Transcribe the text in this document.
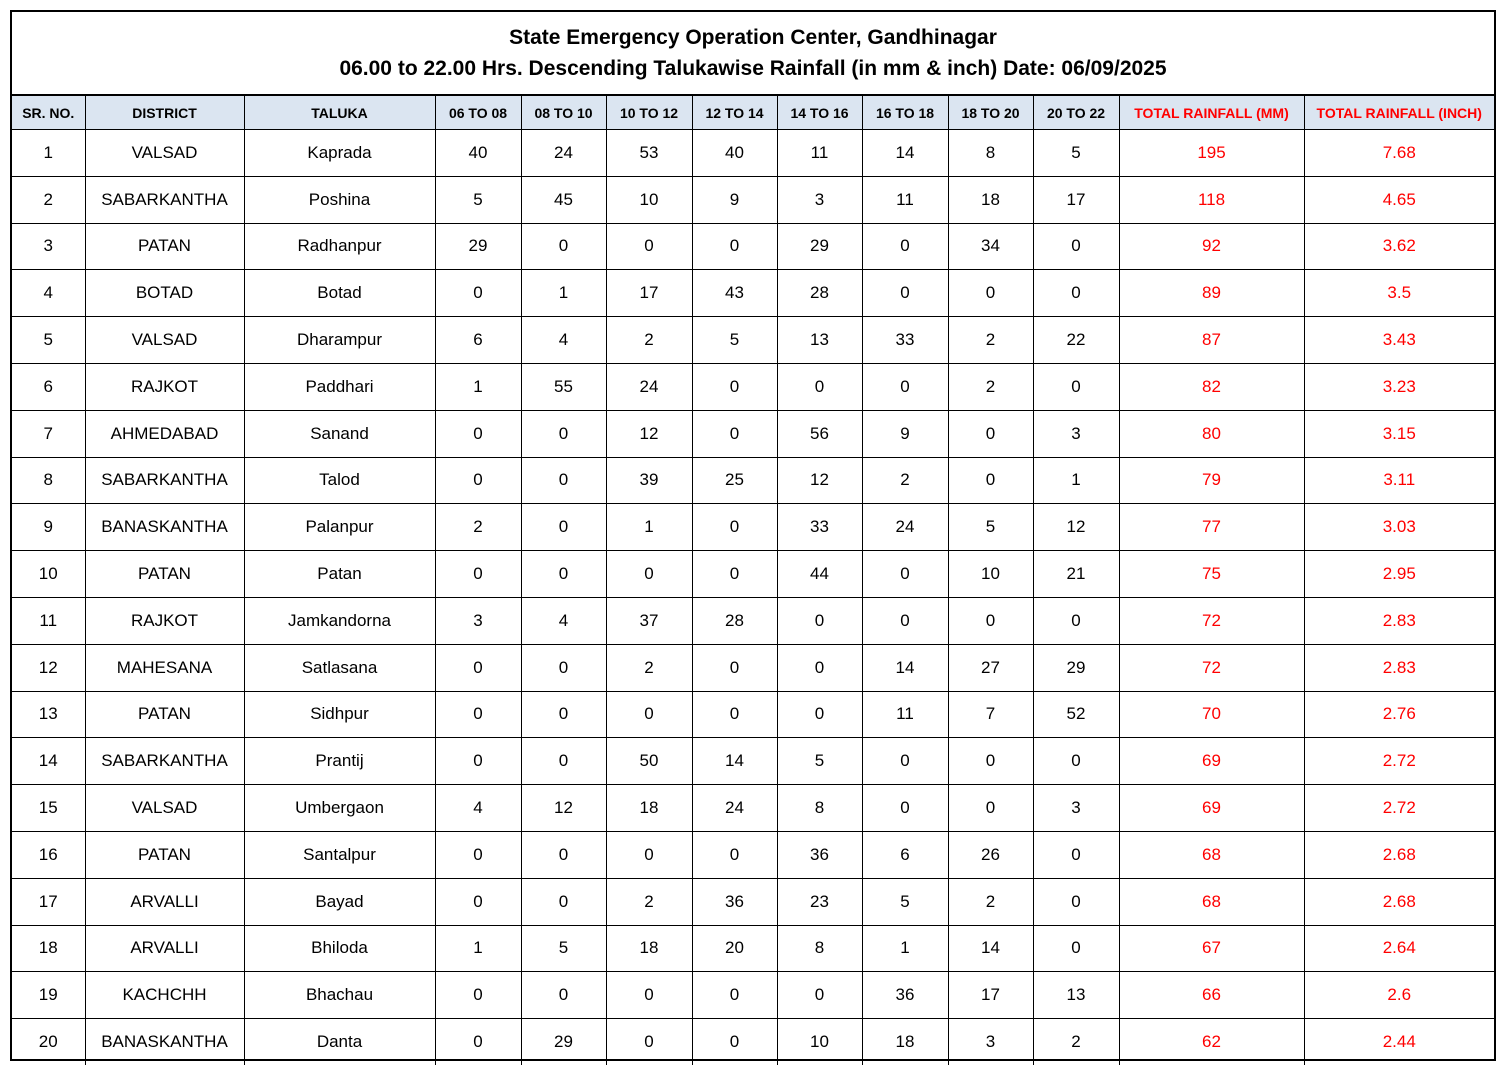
State Emergency Operation Center, Gandhinagar
06.00 to 22.00 Hrs. Descending Talukawise Rainfall (in mm & inch) Date: 06/09/2025
SR. NO.	DISTRICT	TALUKA	06 TO 08	08 TO 10	10 TO 12	12 TO 14	14 TO 16	16 TO 18	18 TO 20	20 TO 22	TOTAL RAINFALL (MM)	TOTAL RAINFALL (INCH)
1	VALSAD	Kaprada	40	24	53	40	11	14	8	5	195	7.68
2	SABARKANTHA	Poshina	5	45	10	9	3	11	18	17	118	4.65
3	PATAN	Radhanpur	29	0	0	0	29	0	34	0	92	3.62
4	BOTAD	Botad	0	1	17	43	28	0	0	0	89	3.5
5	VALSAD	Dharampur	6	4	2	5	13	33	2	22	87	3.43
6	RAJKOT	Paddhari	1	55	24	0	0	0	2	0	82	3.23
7	AHMEDABAD	Sanand	0	0	12	0	56	9	0	3	80	3.15
8	SABARKANTHA	Talod	0	0	39	25	12	2	0	1	79	3.11
9	BANASKANTHA	Palanpur	2	0	1	0	33	24	5	12	77	3.03
10	PATAN	Patan	0	0	0	0	44	0	10	21	75	2.95
11	RAJKOT	Jamkandorna	3	4	37	28	0	0	0	0	72	2.83
12	MAHESANA	Satlasana	0	0	2	0	0	14	27	29	72	2.83
13	PATAN	Sidhpur	0	0	0	0	0	11	7	52	70	2.76
14	SABARKANTHA	Prantij	0	0	50	14	5	0	0	0	69	2.72
15	VALSAD	Umbergaon	4	12	18	24	8	0	0	3	69	2.72
16	PATAN	Santalpur	0	0	0	0	36	6	26	0	68	2.68
17	ARVALLI	Bayad	0	0	2	36	23	5	2	0	68	2.68
18	ARVALLI	Bhiloda	1	5	18	20	8	1	14	0	67	2.64
19	KACHCHH	Bhachau	0	0	0	0	0	36	17	13	66	2.6
20	BANASKANTHA	Danta	0	29	0	0	10	18	3	2	62	2.44
